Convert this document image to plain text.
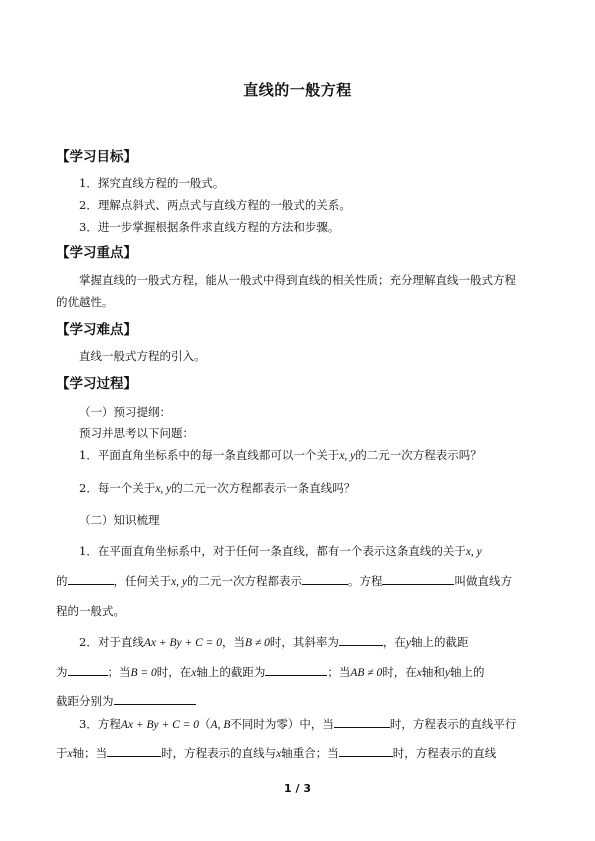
直线的一般方程
【学习目标】
1．探究直线方程的一般式。
2．理解点斜式、两点式与直线方程的一般式的关系。
3．进一步掌握根据条件求直线方程的方法和步骤。
【学习重点】
掌握直线的一般式方程，能从一般式中得到直线的相关性质；充分理解直线一般式方程
的优越性。
【学习难点】
直线一般式方程的引入。
【学习过程】
（一）预习提纲：
预习并思考以下问题：
1．平面直角坐标系中的每一条直线都可以一个关于x, y的二元一次方程表示吗？
2．每一个关于x, y的二元一次方程都表示一条直线吗？
（二）知识梳理
1．在平面直角坐标系中，对于任何一条直线，都有一个表示这条直线的关于x, y
的	，任何关于x, y的二元一次方程都表示	。方程	叫做直线方
程的一般式。
2．对于直线Ax + By + C = 0，当B ≠ 0时，其斜率为	，在y轴上的截距
为	；当B = 0时，在x轴上的截距为	；当AB ≠ 0时，在x轴和y轴上的
截距分别为
3．方程Ax + By + C = 0（A, B不同时为零）中，当	时，方程表示的直线平行
于x轴；当	时，方程表示的直线与x轴重合；当	时，方程表示的直线
1 / 3
